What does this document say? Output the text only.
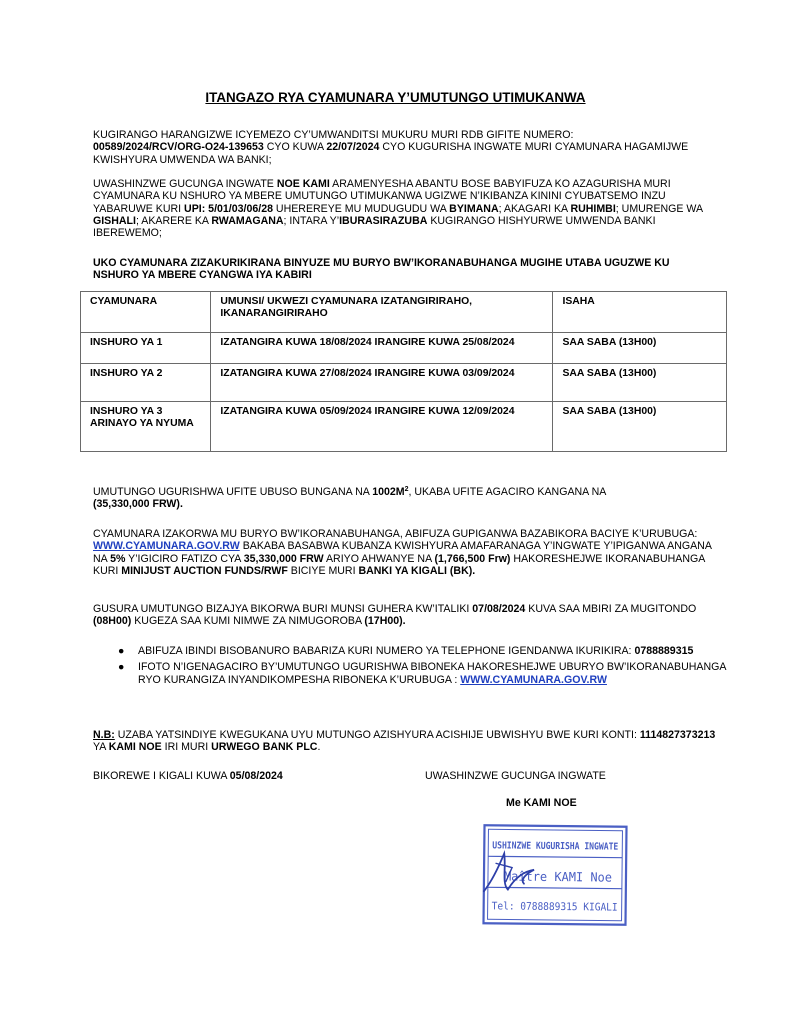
ITANGAZO RYA CYAMUNARA Y’UMUTUNGO UTIMUKANWA

KUGIRANGO HARANGIZWE ICYEMEZO CY’UMWANDITSI MUKURU MURI RDB GIFITE NUMERO:
00589/2024/RCV/ORG-O24-139653 CYO KUWA 22/07/2024 CYO KUGURISHA INGWATE MURI CYAMUNARA HAGAMIJWE KWISHYURA UMWENDA WA BANKI;

UWASHINZWE GUCUNGA INGWATE NOE KAMI ARAMENYESHA ABANTU BOSE BABYIFUZA KO AZAGURISHA MURI CYAMUNARA KU NSHURO YA MBERE UMUTUNGO UTIMUKANWA UGIZWE N’IKIBANZA KININI CYUBATSEMO INZU YABARUWE KURI UPI: 5/01/03/06/28 UHEREREYE MU MUDUGUDU WA BYIMANA; AKAGARI KA RUHIMBI; UMURENGE WA GISHALI; AKARERE KA RWAMAGANA; INTARA Y’IBURASIRAZUBA KUGIRANGO HISHYURWE UMWENDA BANKI IBEREWEMO;

UKO CYAMUNARA ZIZAKURIKIRANA BINYUZE MU BURYO BW’IKORANABUHANGA MUGIHE UTABA UGUZWE KU NSHURO YA MBERE CYANGWA IYA KABIRI
CYAMUNARA	UMUNSI/ UKWEZI CYAMUNARA IZATANGIRIRAHO, IKANARANGIRIRAHO	ISAHA
INSHURO YA 1	IZATANGIRA KUWA 18/08/2024 IRANGIRE KUWA 25/08/2024	SAA SABA (13H00)
INSHURO YA 2	IZATANGIRA KUWA 27/08/2024 IRANGIRE KUWA 03/09/2024	SAA SABA (13H00)
INSHURO YA 3 ARINAYO YA NYUMA	IZATANGIRA KUWA 05/09/2024 IRANGIRE KUWA 12/09/2024	SAA SABA (13H00)

UMUTUNGO UGURISHWA UFITE UBUSO BUNGANA NA $1002M^2$, UKABA UFITE AGACIRO KANGANA NA
(35,330,000 FRW).

CYAMUNARA IZAKORWA MU BURYO BW’IKORANABUHANGA, ABIFUZA GUPIGANWA BAZABIKORA BACIYE K’URUBUGA: WWW.CYAMUNARA.GOV.RW BAKABA BASABWA KUBANZA KWISHYURA AMAFARANAGA Y’INGWATE Y’IPIGANWA ANGANA NA 5% Y’IGICIRO FATIZO CYA 35,330,000 FRW ARIYO AHWANYE NA (1,766,500 Frw) HAKORESHEJWE IKORANABUHANGA KURI MINIJUST AUCTION FUNDS/RWF BICIYE MURI BANKI YA KIGALI (BK).

GUSURA UMUTUNGO BIZAJYA BIKORWA BURI MUNSI GUHERA KW’ITALIKI 07/08/2024 KUVA SAA MBIRI ZA MUGITONDO (08H00) KUGEZA SAA KUMI NIMWE ZA NIMUGOROBA (17H00).

● ABIFUZA IBINDI BISOBANURO BABARIZA KURI NUMERO YA TELEPHONE IGENDANWA IKURIKIRA: 0788889315
● IFOTO N’IGENAGACIRO BY’UMUTUNGO UGURISHWA BIBONEKA HAKORESHEJWE UBURYO BW’IKORANABUHANGA RYO KURANGIZA INYANDIKOMPESHA RIBONEKA K’URUBUGA : WWW.CYAMUNARA.GOV.RW

N.B: UZABA YATSINDIYE KWEGUKANA UYU MUTUNGO AZISHYURA ACISHIJE UBWISHYU BWE KURI KONTI: 1114827373213 YA KAMI NOE IRI MURI URWEGO BANK PLC.

BIKOREWE I KIGALI KUWA 05/08/2024	UWASHINZWE GUCUNGA INGWATE
Me KAMI NOE
USHINZWE KUGURISHA INGWATE
Maître KAMI Noe
Tel: 0788889315 KIGALI
